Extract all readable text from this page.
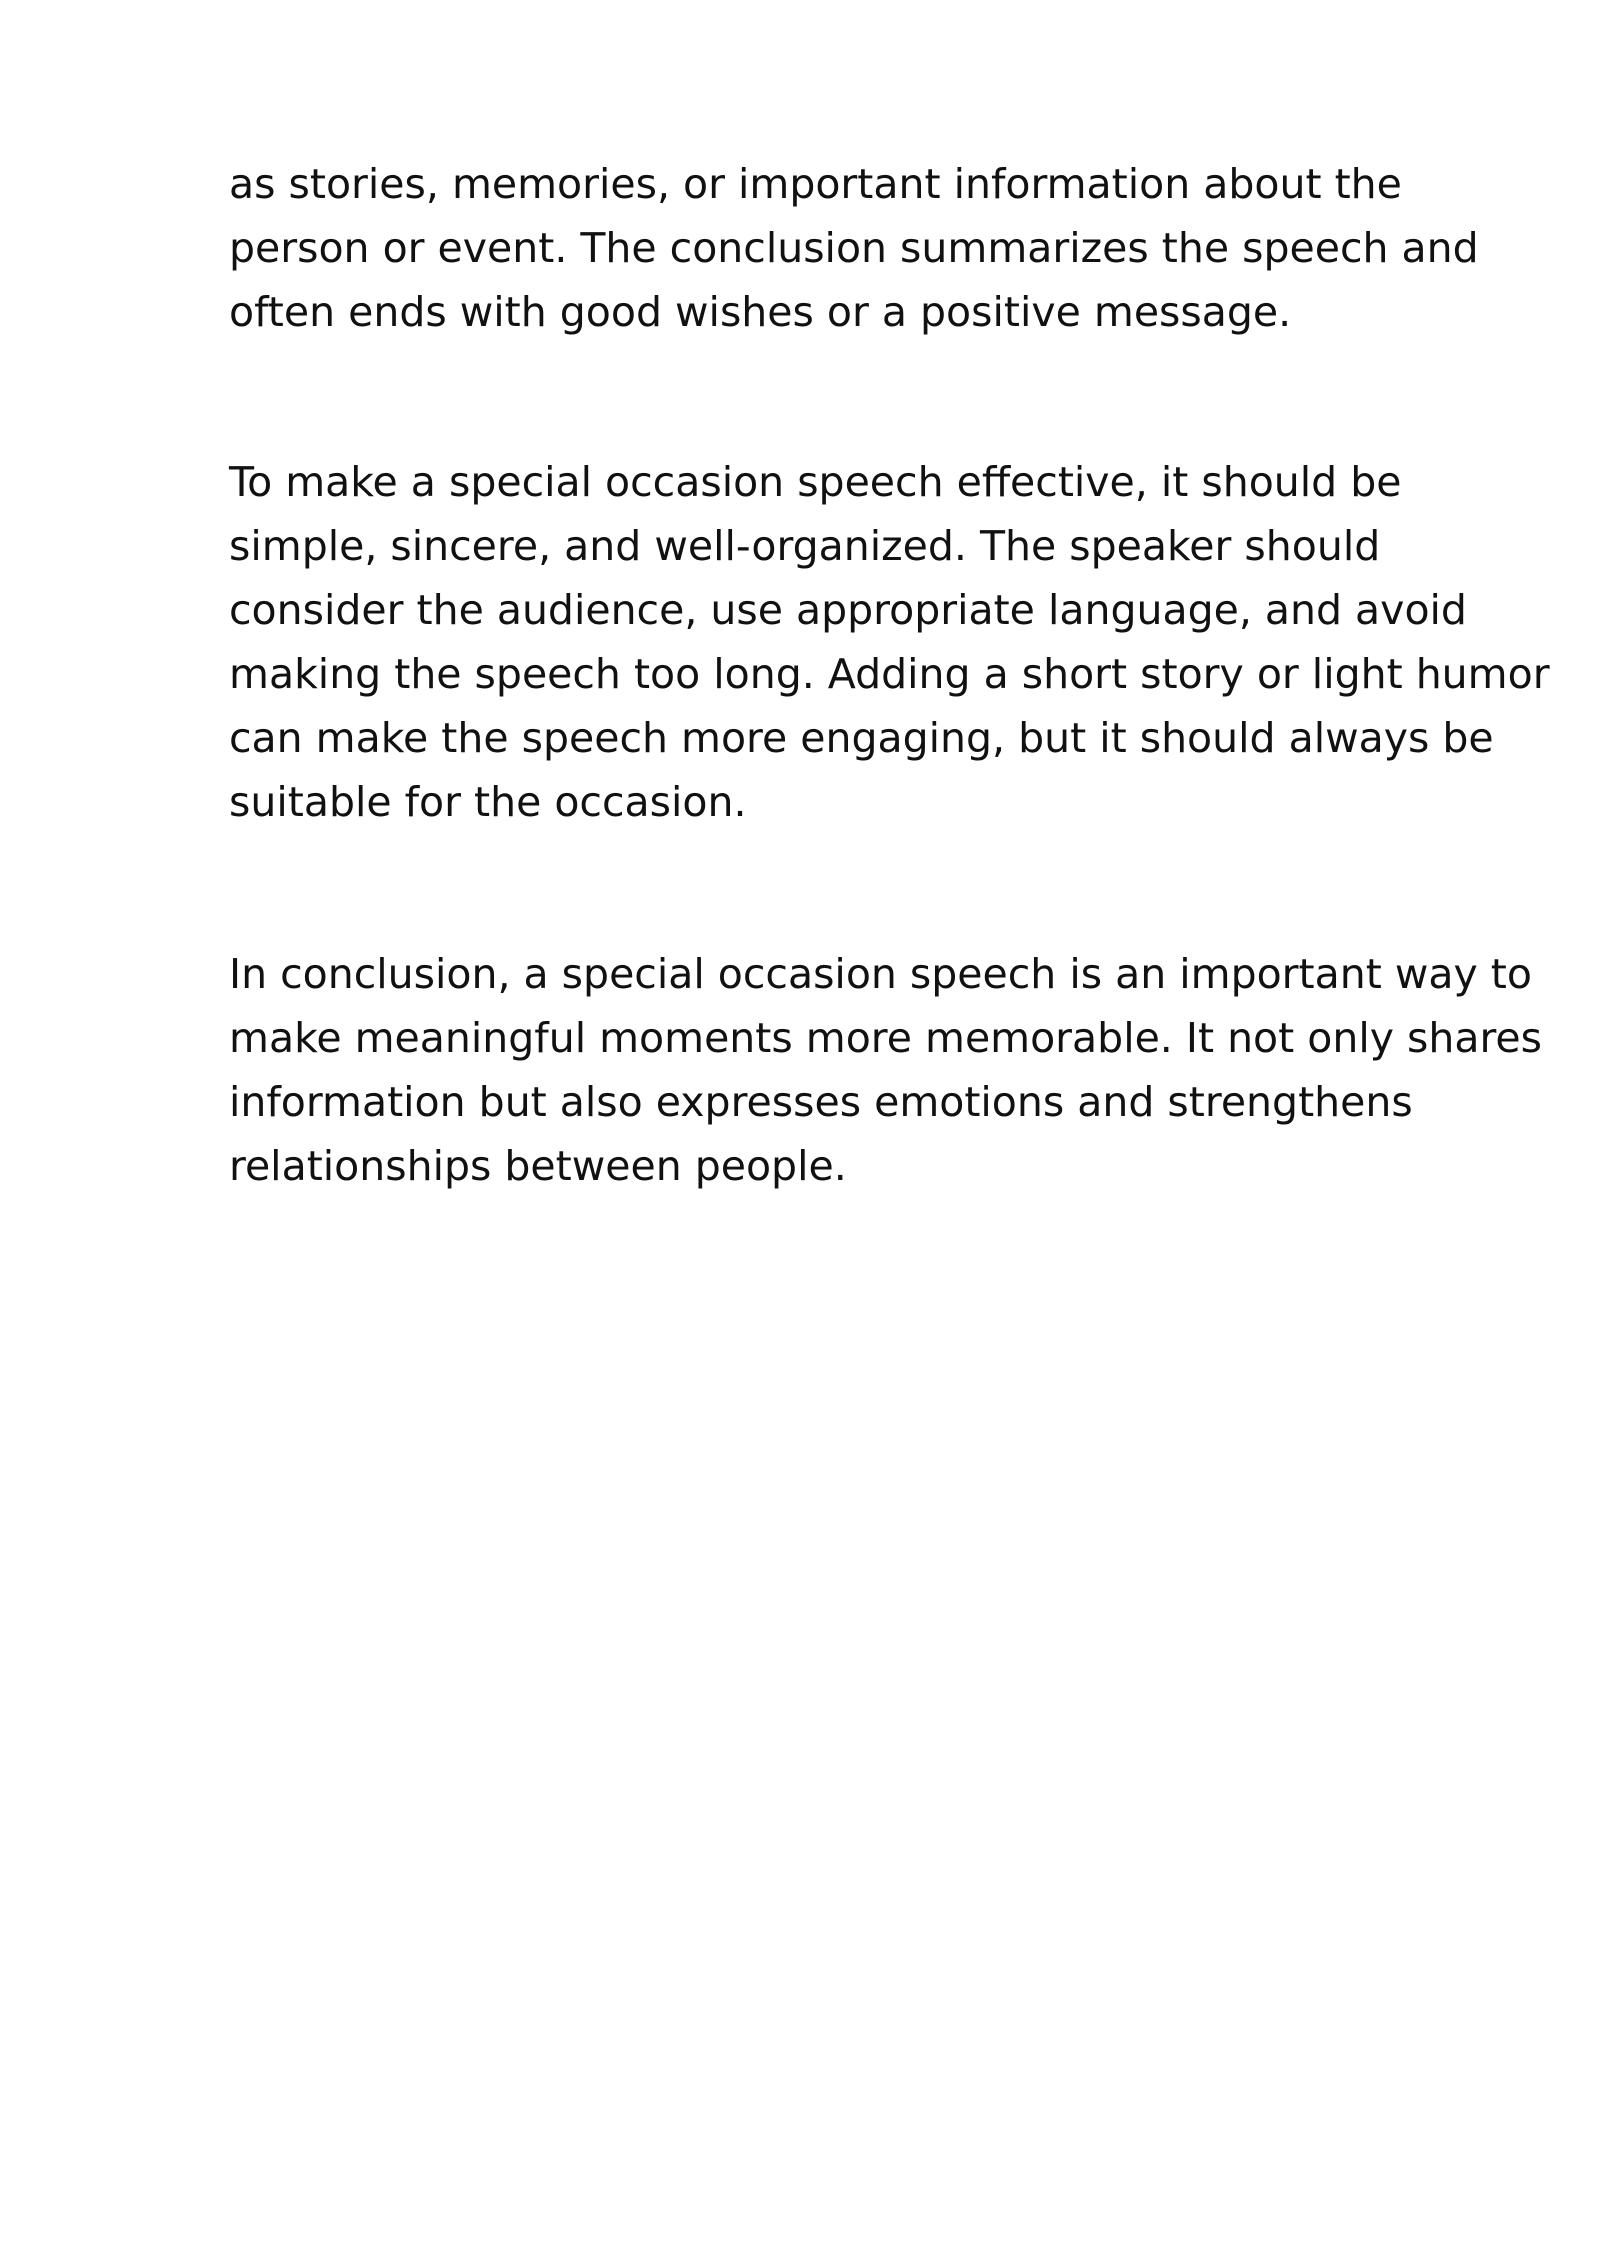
as stories, memories, or important information about the
person or event. The conclusion summarizes the speech and
often ends with good wishes or a positive message.
To make a special occasion speech effective, it should be
simple, sincere, and well-organized. The speaker should
consider the audience, use appropriate language, and avoid
making the speech too long. Adding a short story or light humor
can make the speech more engaging, but it should always be
suitable for the occasion.
In conclusion, a special occasion speech is an important way to
make meaningful moments more memorable. It not only shares
information but also expresses emotions and strengthens
relationships between people.
